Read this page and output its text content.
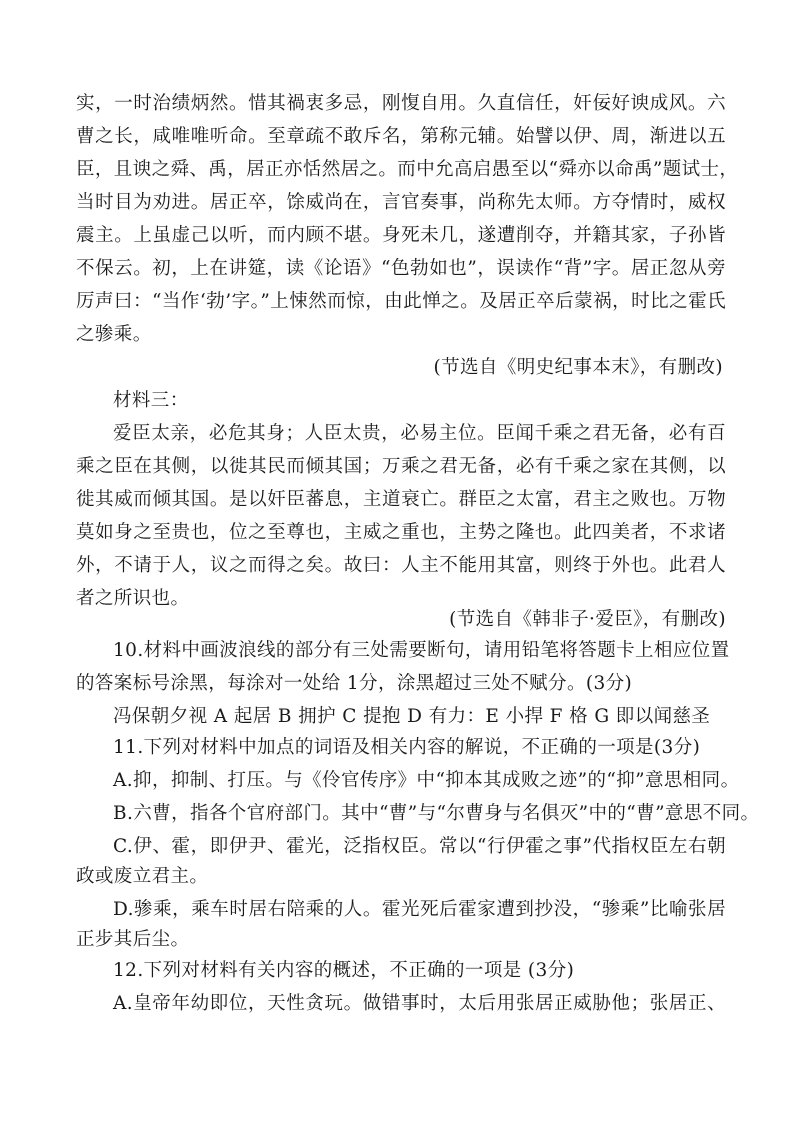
实，一时治绩炳然。惜其禍衷多忌，刚愎自用。久直信任，奸佞好谀成风。六
曹之长，咸唯唯听命。至章疏不敢斥名，第称元辅。始譬以伊、周，渐进以五
臣，且谀之舜、禹，居正亦恬然居之。而中允高启愚至以“舜亦以命禹”题试士，
当时目为劝进。居正卒，馀威尚在，言官奏事，尚称先太师。方夺情时，威权
震主。上虽虚己以听，而内顾不堪。身死未几，遂遭削夺，并籍其家，子孙皆
不保云。初，上在讲筵，读《论语》“色勃如也”，误读作“背”字。居正忽从旁
厉声曰：“当作‘勃’字。”上悚然而惊，由此惮之。及居正卒后蒙祸，时比之霍氏
之骖乘。
(节选自《明史纪事本末》，有删改)
材料三：
爱臣太亲，必危其身；人臣太贵，必易主位。臣闻千乘之君无备，必有百
乘之臣在其侧，以徙其民而倾其国；万乘之君无备，必有千乘之家在其侧，以
徙其威而倾其国。是以奸臣蕃息，主道衰亡。群臣之太富，君主之败也。万物
莫如身之至贵也，位之至尊也，主威之重也，主势之隆也。此四美者，不求诸
外，不请于人，议之而得之矣。故曰：人主不能用其富，则终于外也。此君人
者之所识也。
(节选自《韩非子·爱臣》，有删改)
10.材料中画波浪线的部分有三处需要断句，请用铅笔将答题卡上相应位置
的答案标号涂黑，每涂对一处给 1分，涂黑超过三处不赋分。(3分)
冯保朝夕视 A 起居 B 拥护 C 提抱 D 有力：E 小捍 F 格 G 即以闻慈圣
11.下列对材料中加点的词语及相关内容的解说，不正确的一项是(3分)
A.抑，抑制、打压。与《伶官传序》中“抑本其成败之迹”的“抑”意思相同。
B.六曹，指各个官府部门。其中“曹”与“尔曹身与名俱灭”中的“曹”意思不同。
C.伊、霍，即伊尹、霍光，泛指权臣。常以“行伊霍之事”代指权臣左右朝
政或废立君主。
D.骖乘，乘车时居右陪乘的人。霍光死后霍家遭到抄没，“骖乘”比喻张居
正步其后尘。
12.下列对材料有关内容的概述，不正确的一项是 (3分)
A.皇帝年幼即位，天性贪玩。做错事时，太后用张居正威胁他；张居正、
